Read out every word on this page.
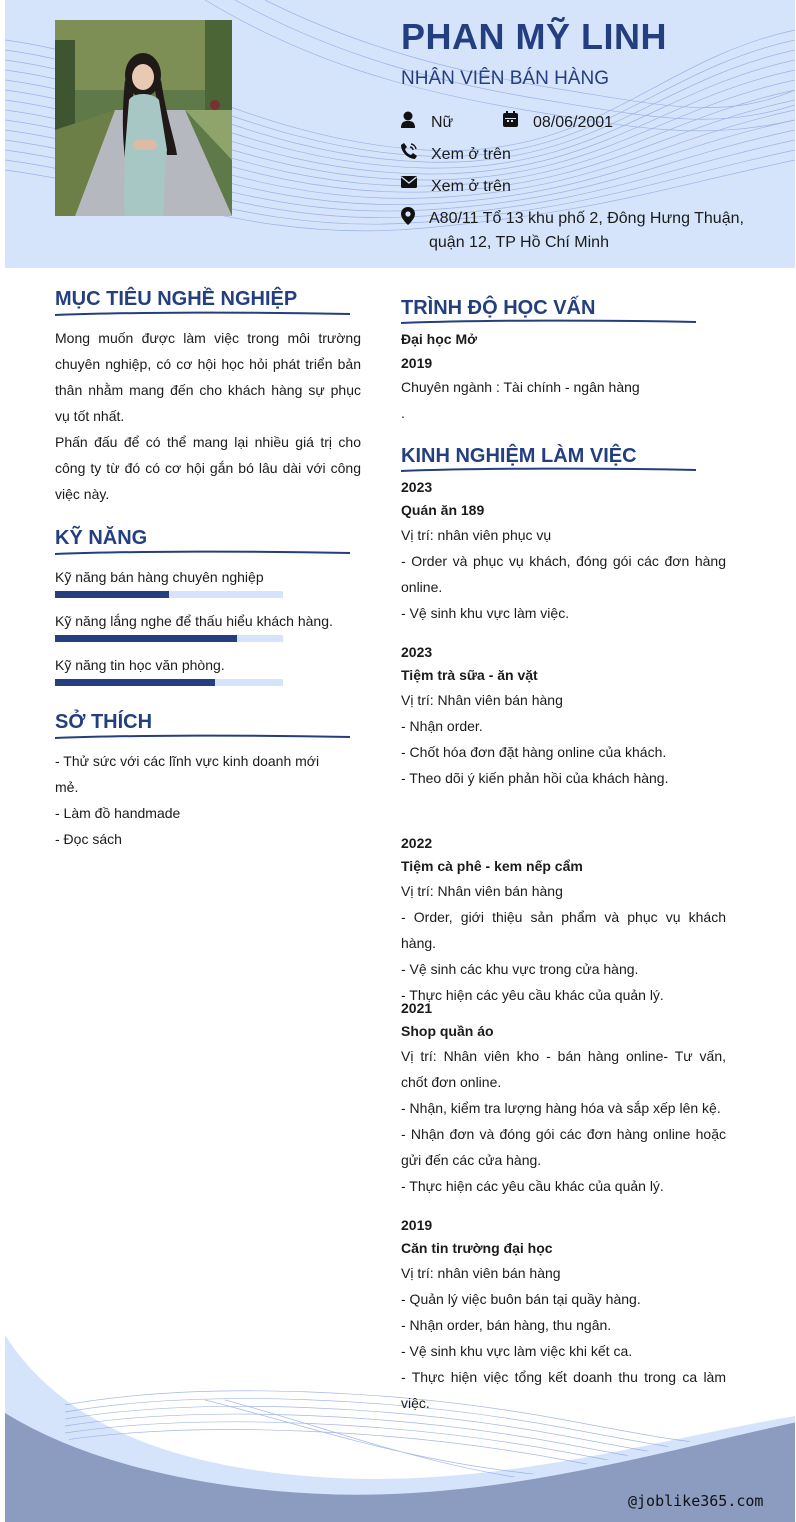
PHAN MỸ LINH
NHÂN VIÊN BÁN HÀNG
Nữ	08/06/2001
Xem ở trên
Xem ở trên
A80/11 Tổ 13 khu phố 2, Đông Hưng Thuận, quận 12, TP Hồ Chí Minh
MỤC TIÊU NGHỀ NGHIỆP
Mong muốn được làm việc trong môi trường chuyên nghiệp, có cơ hội học hỏi phát triển bản thân nhằm mang đến cho khách hàng sự phục vụ tốt nhất.
Phấn đấu để có thể mang lại nhiều giá trị cho công ty từ đó có cơ hội gắn bó lâu dài với công việc này.
KỸ NĂNG
Kỹ năng bán hàng chuyên nghiệp
Kỹ năng lắng nghe để thấu hiểu khách hàng.
Kỹ năng tin học văn phòng.
SỞ THÍCH
- Thử sức với các lĩnh vực kinh doanh mới mẻ.
- Làm đồ handmade
- Đọc sách
TRÌNH ĐỘ HỌC VẤN
Đại học Mở
2019
Chuyên ngành : Tài chính - ngân hàng
.
KINH NGHIỆM LÀM VIỆC
2023
Quán ăn 189
Vị trí: nhân viên phục vụ
- Order và phục vụ khách, đóng gói các đơn hàng online.
- Vệ sinh khu vực làm việc.
2023
Tiệm trà sữa - ăn vặt
Vị trí: Nhân viên bán hàng
- Nhận order.
- Chốt hóa đơn đặt hàng online của khách.
- Theo dõi ý kiến phản hồi của khách hàng.
2022
Tiệm cà phê - kem nếp cẩm
Vị trí: Nhân viên bán hàng
- Order, giới thiệu sản phẩm và phục vụ khách hàng.
- Vệ sinh các khu vực trong cửa hàng.
- Thực hiện các yêu cầu khác của quản lý.
2021
Shop quần áo
Vị trí: Nhân viên kho - bán hàng online- Tư vấn, chốt đơn online.
- Nhận, kiểm tra lượng hàng hóa và sắp xếp lên kệ.
- Nhận đơn và đóng gói các đơn hàng online hoặc gửi đến các cửa hàng.
- Thực hiện các yêu cầu khác của quản lý.
2019
Căn tin trường đại học
Vị trí: nhân viên bán hàng
- Quản lý việc buôn bán tại quầy hàng.
- Nhận order, bán hàng, thu ngân.
- Vệ sinh khu vực làm việc khi kết ca.
- Thực hiện việc tổng kết doanh thu trong ca làm việc.
@joblike365.com
